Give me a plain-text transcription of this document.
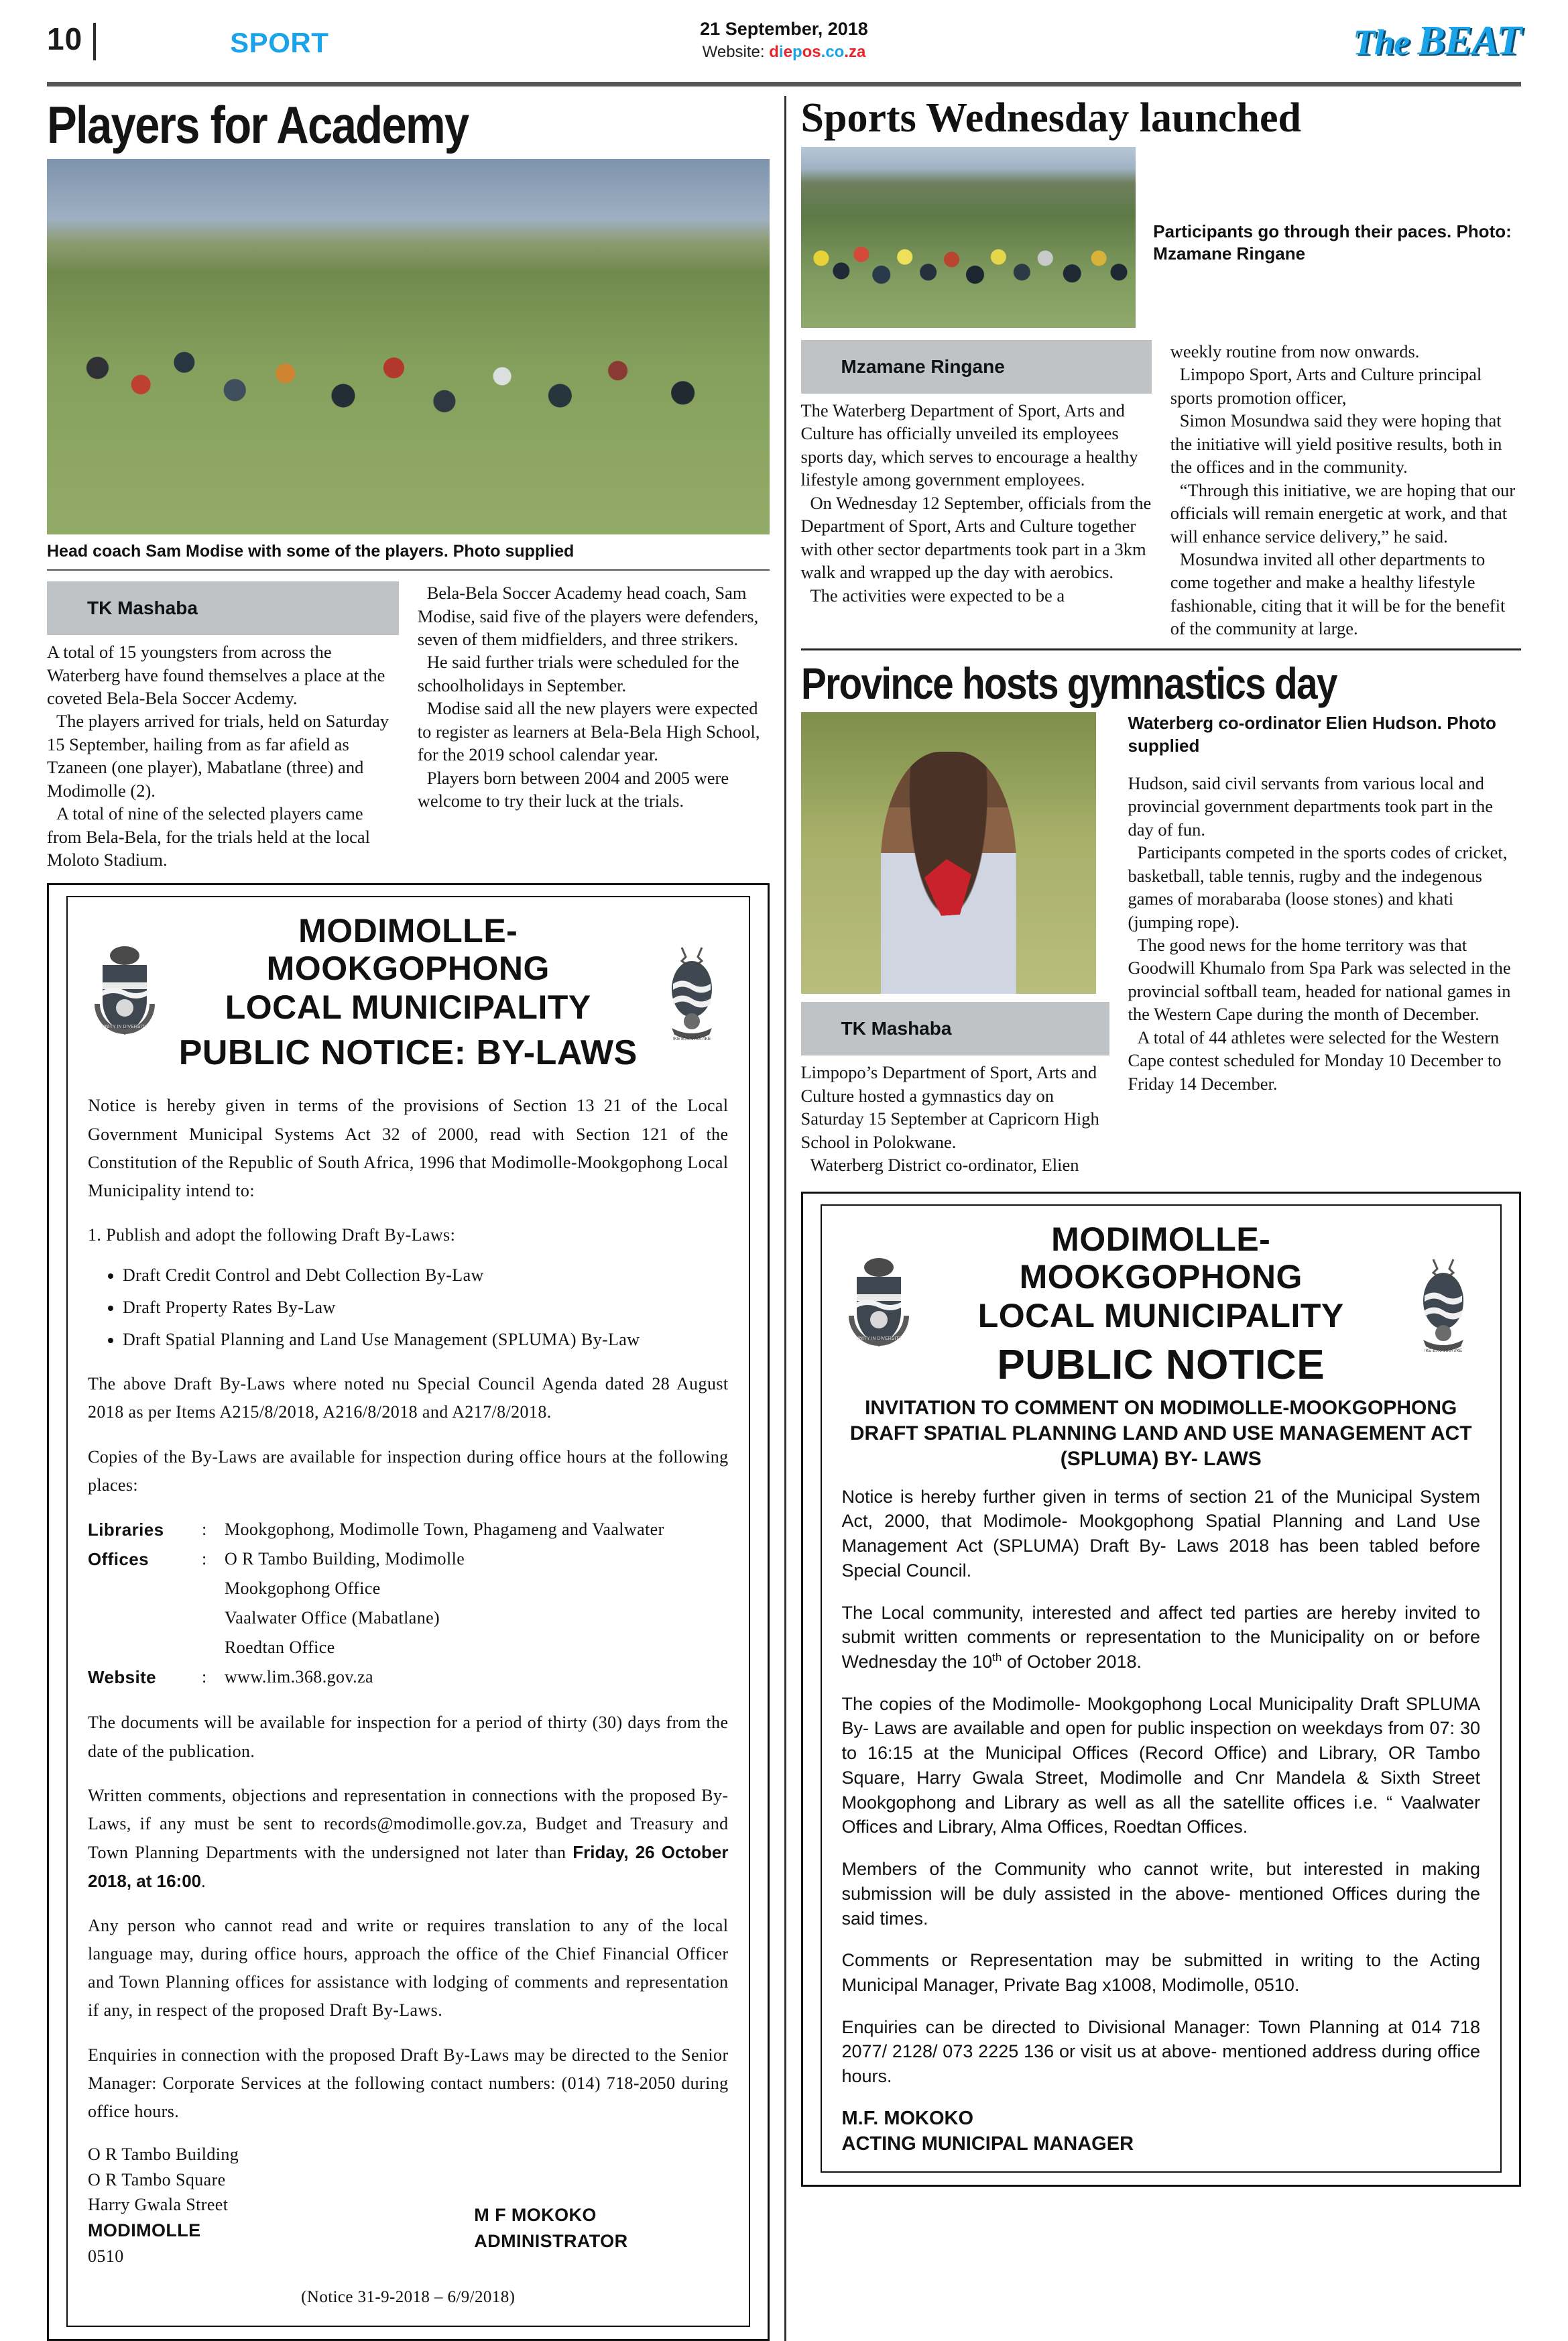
10	SPORT	21 September, 2018
Website: diepos.co.za	The BEAT
Players for Academy
Head coach Sam Modise with some of the players. Photo supplied
TK Mashaba

A total of 15 youngsters from across the Waterberg have found themselves a place at the coveted Bela-Bela Soccer Acdemy.

The players arrived for trials, held on Saturday 15 September, hailing from as far afield as Tzaneen (one player), Mabatlane (three) and Modimolle (2).

A total of nine of the selected players came from Bela-Bela, for the trials held at the local Moloto Stadium.

Bela-Bela Soccer Academy head coach, Sam Modise, said five of the players were defenders, seven of them midfielders, and three strikers.

He said further trials were scheduled for the schoolholidays in September.

Modise said all the new players were expected to register as learners at Bela-Bela High School, for the 2019 school calendar year.

Players born between 2004 and 2005 were welcome to try their luck at the trials.

UNITY IN DIVERSITY
MODIMOLLE-MOOKGOPHONG
LOCAL MUNICIPALITY
PUBLIC NOTICE: BY-LAWS	!KE E:/XARRA //KE

Notice is hereby given in terms of the provisions of Section 13 21 of the Local Government Municipal Systems Act 32 of 2000, read with Section 121 of the Constitution of the Republic of South Africa, 1996 that Modimolle-Mookgophong Local Municipality intend to:

1. Publish and adopt the following Draft By-Laws:

• Draft Credit Control and Debt Collection By-Law
• Draft Property Rates By-Law
• Draft Spatial Planning and Land Use Management (SPLUMA) By-Law

The above Draft By-Laws where noted nu Special Council Agenda dated 28 August 2018 as per Items A215/8/2018, A216/8/2018 and A217/8/2018.

Copies of the By-Laws are available for inspection during office hours at the following places:

Libraries	:	Mookgophong, Modimolle Town, Phagameng and Vaalwater
Offices	:	O R Tambo Building, Modimolle
Mookgophong Office
Vaalwater Office (Mabatlane)
Roedtan Office
Website	:	www.lim.368.gov.za

The documents will be available for inspection for a period of thirty (30) days from the date of the publication.

Written comments, objections and representation in connections with the proposed By-Laws, if any must be sent to records@modimolle.gov.za, Budget and Treasury and Town Planning Departments with the undersigned not later than Friday, 26 October 2018, at 16:00.

Any person who cannot read and write or requires translation to any of the local language may, during office hours, approach the office of the Chief Financial Officer and Town Planning offices for assistance with lodging of comments and representation if any, in respect of the proposed Draft By-Laws.

Enquiries in connection with the proposed Draft By-Laws may be directed to the Senior Manager: Corporate Services at the following contact numbers: (014) 718-2050 during office hours.

O R Tambo Building
O R Tambo Square
Harry Gwala Street
MODIMOLLE
0510
M F MOKOKO
ADMINISTRATOR
(Notice 31-9-2018 – 6/9/2018)
Sports Wednesday launched
Participants go through their paces. Photo: Mzamane Ringane
Mzamane Ringane

The Waterberg Department of Sport, Arts and Culture has officially unveiled its employees sports day, which serves to encourage a healthy lifestyle among government employees.

On Wednesday 12 September, officials from the Department of Sport, Arts and Culture together with other sector departments took part in a 3km walk and wrapped up the day with aerobics.

The activities were expected to be a

weekly routine from now onwards.

Limpopo Sport, Arts and Culture principal sports promotion officer,

Simon Mosundwa said they were hoping that the initiative will yield positive results, both in the offices and in the community.

“Through this initiative, we are hoping that our officials will remain energetic at work, and that will enhance service delivery,” he said.

Mosundwa invited all other departments to come together and make a healthy lifestyle fashionable, citing that it will be for the benefit of the community at large.

Province hosts gymnastics day
TK Mashaba

Limpopo’s Department of Sport, Arts and Culture hosted a gymnastics day on Saturday 15 September at Capricorn High School in Polokwane.

Waterberg District co-ordinator, Elien

Waterberg co-ordinator Elien Hudson. Photo supplied

Hudson, said civil servants from various local and provincial government departments took part in the day of fun.

Participants competed in the sports codes of cricket, basketball, table tennis, rugby and the indegenous games of morabaraba (loose stones) and khati (jumping rope).

The good news for the home territory was that Goodwill Khumalo from Spa Park was selected in the provincial softball team, headed for national games in the Western Cape during the month of December.

A total of 44 athletes were selected for the Western Cape contest scheduled for Monday 10 December to Friday 14 December.

UNITY IN DIVERSITY
MODIMOLLE-MOOKGOPHONG
LOCAL MUNICIPALITY
PUBLIC NOTICE	!KE E:/XARRA //KE
INVITATION TO COMMENT ON MODIMOLLE-MOOKGOPHONG DRAFT SPATIAL PLANNING LAND AND USE MANAGEMENT ACT (SPLUMA) BY- LAWS

Notice is hereby further given in terms of section 21 of the Municipal System Act, 2000, that Modimole- Mookgophong Spatial Planning and Land Use Management Act (SPLUMA) Draft By- Laws 2018 has been tabled before Special Council.

The Local community, interested and affect ted parties are hereby invited to submit written comments or representation to the Municipality on or before Wednesday the 10th of October 2018.

The copies of the Modimolle- Mookgophong Local Municipality Draft SPLUMA By- Laws are available and open for public inspection on weekdays from 07: 30 to 16:15 at the Municipal Offices (Record Office) and Library, OR Tambo Square, Harry Gwala Street, Modimolle and Cnr Mandela & Sixth Street Mookgophong and Library as well as all the satellite offices i.e. “ Vaalwater Offices and Library, Alma Offices, Roedtan Offices.

Members of the Community who cannot write, but interested in making submission will be duly assisted in the above- mentioned Offices during the said times.

Comments or Representation may be submitted in writing to the Acting Municipal Manager, Private Bag x1008, Modimolle, 0510.

Enquiries can be directed to Divisional Manager: Town Planning at 014 718 2077/ 2128/ 073 2225 136 or visit us at above- mentioned address during office hours.

M.F. MOKOKO
ACTING MUNICIPAL MANAGER
